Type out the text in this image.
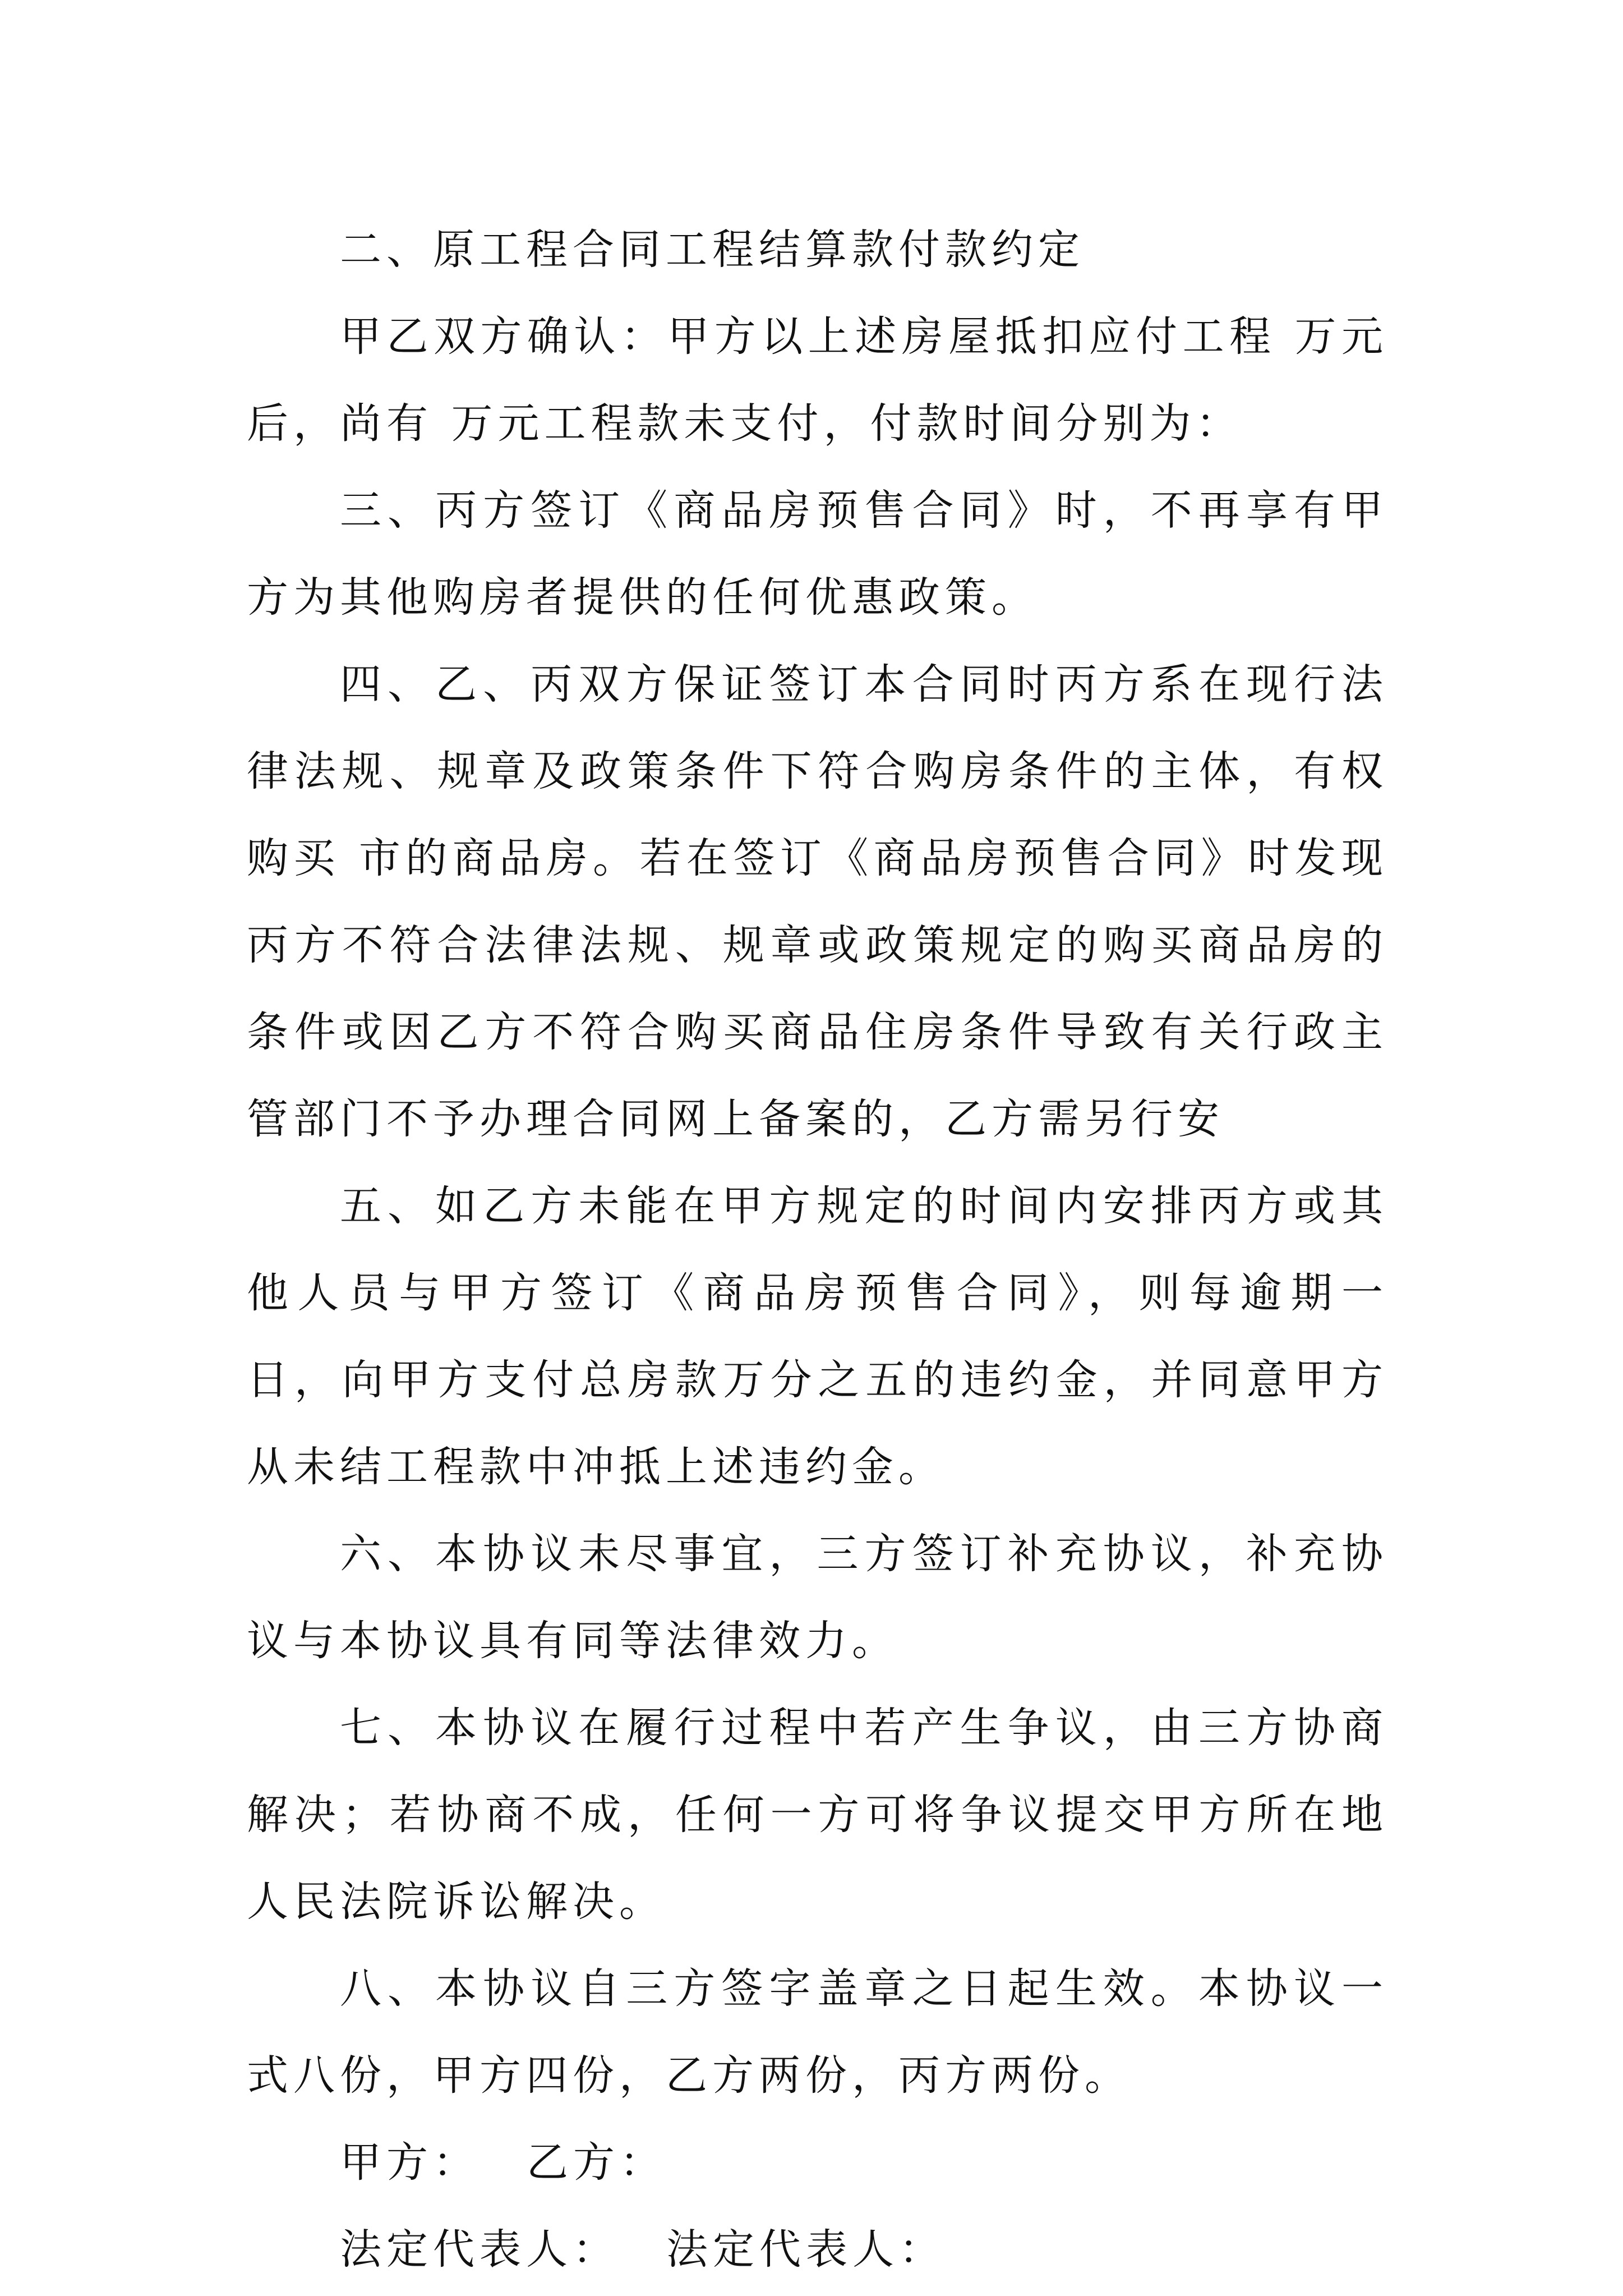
二、原工程合同工程结算款付款约定

甲乙双方确认：甲方以上述房屋抵扣应付工程 万元后，尚有 万元工程款未支付，付款时间分别为：

三、丙方签订《商品房预售合同》时，不再享有甲方为其他购房者提供的任何优惠政策。

四、乙、丙双方保证签订本合同时丙方系在现行法律法规、规章及政策条件下符合购房条件的主体，有权购买 市的商品房。若在签订《商品房预售合同》时发现丙方不符合法律法规、规章或政策规定的购买商品房的条件或因乙方不符合购买商品住房条件导致有关行政主管部门不予办理合同网上备案的，乙方需另行安

五、如乙方未能在甲方规定的时间内安排丙方或其他人员与甲方签订《商品房预售合同》，则每逾期一日，向甲方支付总房款万分之五的违约金，并同意甲方从未结工程款中冲抵上述违约金。

六、本协议未尽事宜，三方签订补充协议，补充协议与本协议具有同等法律效力。

七、本协议在履行过程中若产生争议，由三方协商解决；若协商不成，任何一方可将争议提交甲方所在地人民法院诉讼解决。

八、本协议自三方签字盖章之日起生效。本协议一式八份，甲方四份，乙方两份，丙方两份。

甲方： 乙方：

法定代表人： 法定代表人：
